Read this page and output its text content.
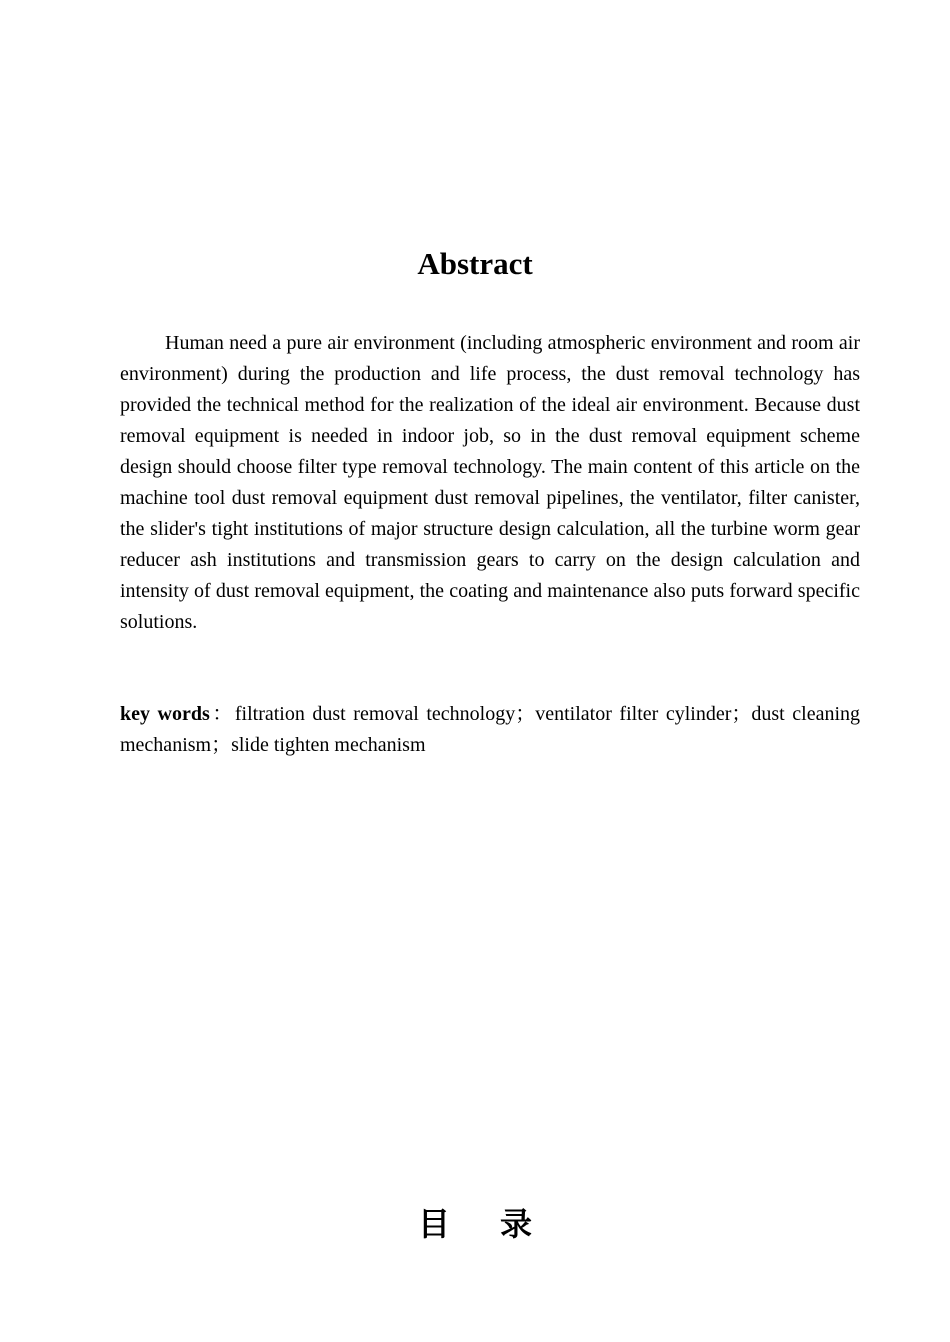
Abstract

Human need a pure air environment (including atmospheric environment and room air environment) during the production and life process, the dust removal technology has provided the technical method for the realization of the ideal air environment. Because dust removal equipment is needed in indoor job, so in the dust removal equipment scheme design should choose filter type removal technology. The main content of this article on the machine tool dust removal equipment dust removal pipelines, the ventilator, filter canister, the slider's tight institutions of major structure design calculation, all the turbine worm gear reducer ash institutions and transmission gears to carry on the design calculation and intensity of dust removal equipment, the coating and maintenance also puts forward specific solutions.

key words：filtration dust removal technology；ventilator filter cylinder；dust cleaning mechanism；slide tighten mechanism

目 录
